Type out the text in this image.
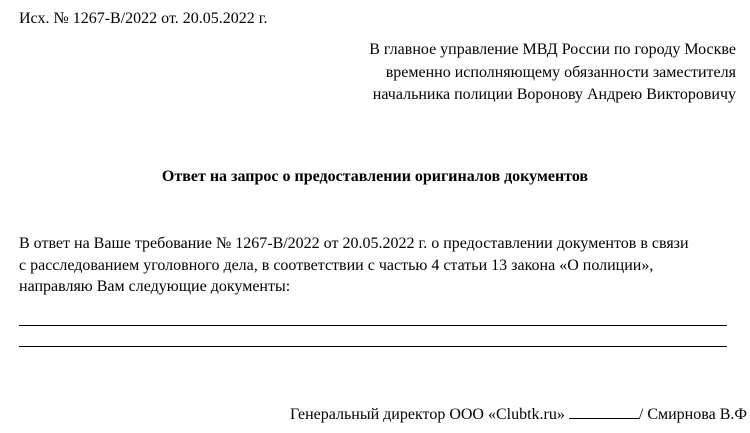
Исх. № 1267-В/2022 от. 20.05.2022 г.
В главное управление МВД России по городу Москве
временно исполняющему обязанности заместителя
начальника полиции Воронову Андрею Викторовичу
Ответ на запрос о предоставлении оригиналов документов
В ответ на Ваше требование № 1267-В/2022 от 20.05.2022 г. о предоставлении документов в связи
с расследованием уголовного дела, в соответствии с частью 4 статьи 13 закона «О полиции»,
направляю Вам следующие документы:
Генеральный директор ООО «Clubtk.ru»	/ Смирнова В.Ф
